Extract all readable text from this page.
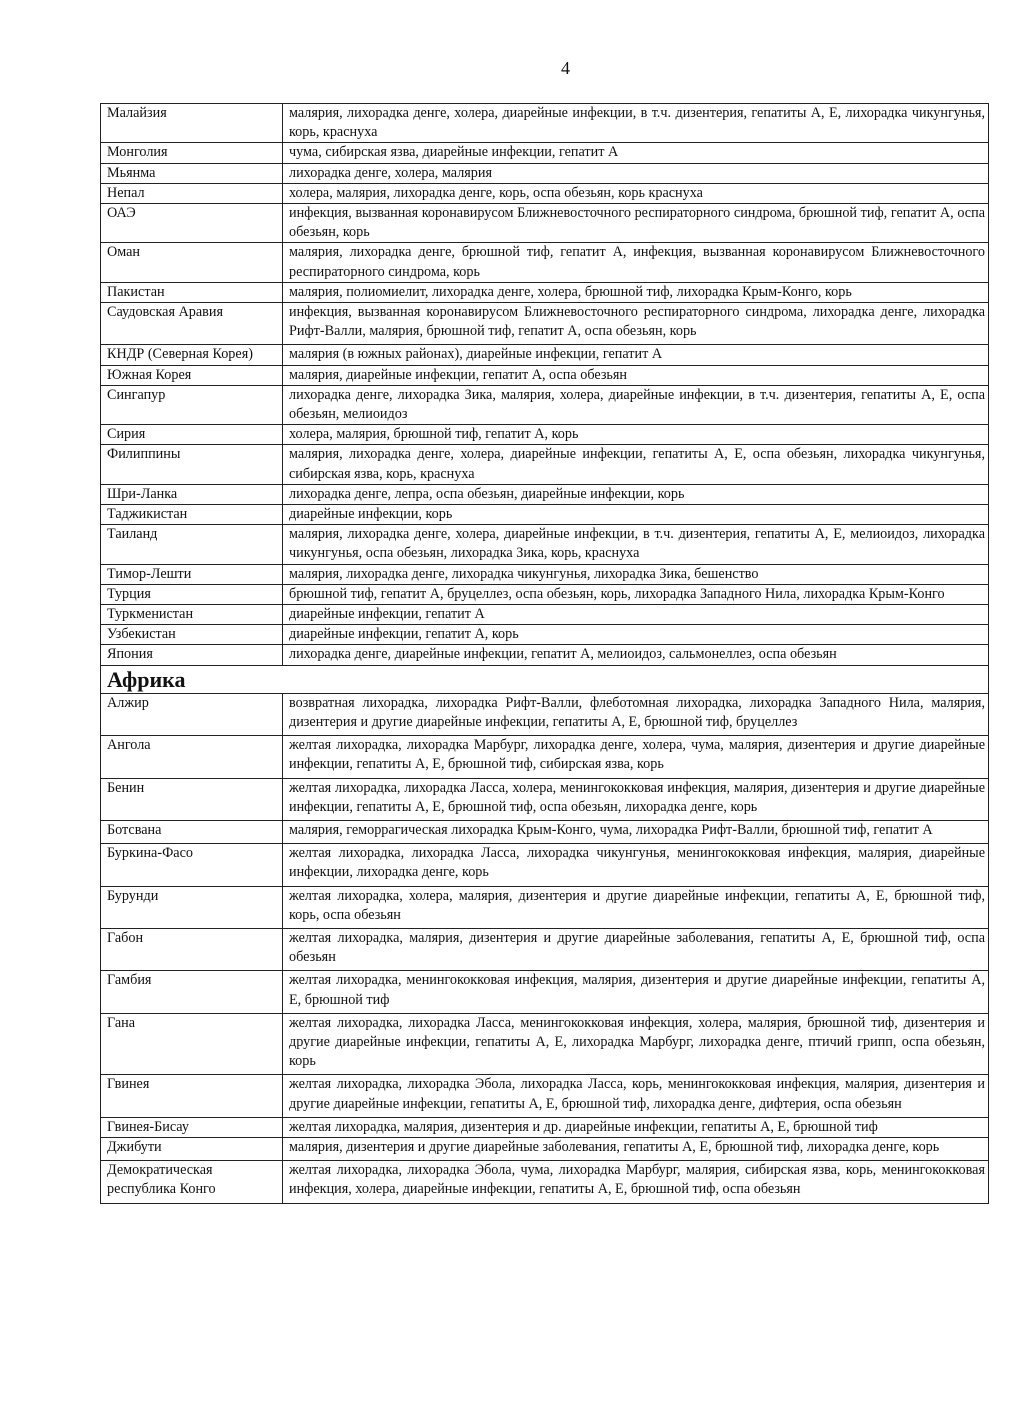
4
Малайзия	малярия, лихорадка денге, холера, диарейные инфекции, в т.ч. дизентерия, гепатиты А, Е, лихорадка чикунгунья, корь, краснуха
Монголия	чума, сибирская язва, диарейные инфекции, гепатит А
Мьянма	лихорадка денге, холера, малярия
Непал	холера, малярия, лихорадка денге, корь, оспа обезьян, корь краснуха
ОАЭ	инфекция, вызванная коронавирусом Ближневосточного респираторного синдрома, брюшной тиф, гепатит А, оспа обезьян, корь
Оман	малярия, лихорадка денге, брюшной тиф, гепатит А, инфекция, вызванная коронавирусом Ближневосточного респираторного синдрома, корь
Пакистан	малярия, полиомиелит, лихорадка денге, холера, брюшной тиф, лихорадка Крым-Конго, корь
Саудовская Аравия	инфекция, вызванная коронавирусом Ближневосточного респираторного синдрома, лихорадка денге, лихорадка Рифт-Валли, малярия, брюшной тиф, гепатит А, оспа обезьян, корь
КНДР (Северная Корея)	малярия (в южных районах), диарейные инфекции, гепатит А
Южная Корея	малярия, диарейные инфекции, гепатит А, оспа обезьян
Сингапур	лихорадка денге, лихорадка Зика, малярия, холера, диарейные инфекции, в т.ч. дизентерия, гепатиты А, Е, оспа обезьян, мелиоидоз
Сирия	холера, малярия, брюшной тиф, гепатит А, корь
Филиппины	малярия, лихорадка денге, холера, диарейные инфекции, гепатиты А, Е, оспа обезьян, лихорадка чикунгунья, сибирская язва, корь, краснуха
Шри-Ланка	лихорадка денге, лепра, оспа обезьян, диарейные инфекции, корь
Таджикистан	диарейные инфекции, корь
Таиланд	малярия, лихорадка денге, холера, диарейные инфекции, в т.ч. дизентерия, гепатиты А, Е, мелиоидоз, лихорадка чикунгунья, оспа обезьян, лихорадка Зика, корь, краснуха
Тимор-Лешти	малярия, лихорадка денге, лихорадка чикунгунья, лихорадка Зика, бешенство
Турция	брюшной тиф, гепатит А, бруцеллез, оспа обезьян, корь, лихорадка Западного Нила, лихорадка Крым-Конго
Туркменистан	диарейные инфекции, гепатит А
Узбекистан	диарейные инфекции, гепатит А, корь
Япония	лихорадка денге, диарейные инфекции, гепатит А, мелиоидоз, сальмонеллез, оспа обезьян
Африка	
Алжир	возвратная лихорадка, лихорадка Рифт-Валли, флеботомная лихорадка, лихорадка Западного Нила, малярия, дизентерия и другие диарейные инфекции, гепатиты А, Е, брюшной тиф, бруцеллез
Ангола	желтая лихорадка, лихорадка Марбург, лихорадка денге, холера, чума, малярия, дизентерия и другие диарейные инфекции, гепатиты А, Е, брюшной тиф, сибирская язва, корь
Бенин	желтая лихорадка, лихорадка Ласса, холера, менингококковая инфекция, малярия, дизентерия и другие диарейные инфекции, гепатиты А, Е, брюшной тиф, оспа обезьян, лихорадка денге, корь
Ботсвана	малярия, геморрагическая лихорадка Крым-Конго, чума, лихорадка Рифт-Валли, брюшной тиф, гепатит А
Буркина-Фасо	желтая лихорадка, лихорадка Ласса, лихорадка чикунгунья, менингококковая инфекция, малярия, диарейные инфекции, лихорадка денге, корь
Бурунди	желтая лихорадка, холера, малярия, дизентерия и другие диарейные инфекции, гепатиты А, Е, брюшной тиф, корь, оспа обезьян
Габон	желтая лихорадка, малярия, дизентерия и другие диарейные заболевания, гепатиты А, Е, брюшной тиф, оспа обезьян
Гамбия	желтая лихорадка, менингококковая инфекция, малярия, дизентерия и другие диарейные инфекции, гепатиты А, Е, брюшной тиф
Гана	желтая лихорадка, лихорадка Ласса, менингококковая инфекция, холера, малярия, брюшной тиф, дизентерия и другие диарейные инфекции, гепатиты А, Е, лихорадка Марбург, лихорадка денге, птичий грипп, оспа обезьян, корь
Гвинея	желтая лихорадка, лихорадка Эбола, лихорадка Ласса, корь, менингококковая инфекция, малярия, дизентерия и другие диарейные инфекции, гепатиты А, Е, брюшной тиф, лихорадка денге, дифтерия, оспа обезьян
Гвинея-Бисау	желтая лихорадка, малярия, дизентерия и др. диарейные инфекции, гепатиты А, Е, брюшной тиф
Джибути	малярия, дизентерия и другие диарейные заболевания, гепатиты А, Е, брюшной тиф, лихорадка денге, корь
Демократическая республика Конго	желтая лихорадка, лихорадка Эбола, чума, лихорадка Марбург, малярия, сибирская язва, корь, менингококковая инфекция, холера, диарейные инфекции, гепатиты А, Е, брюшной тиф, оспа обезьян
